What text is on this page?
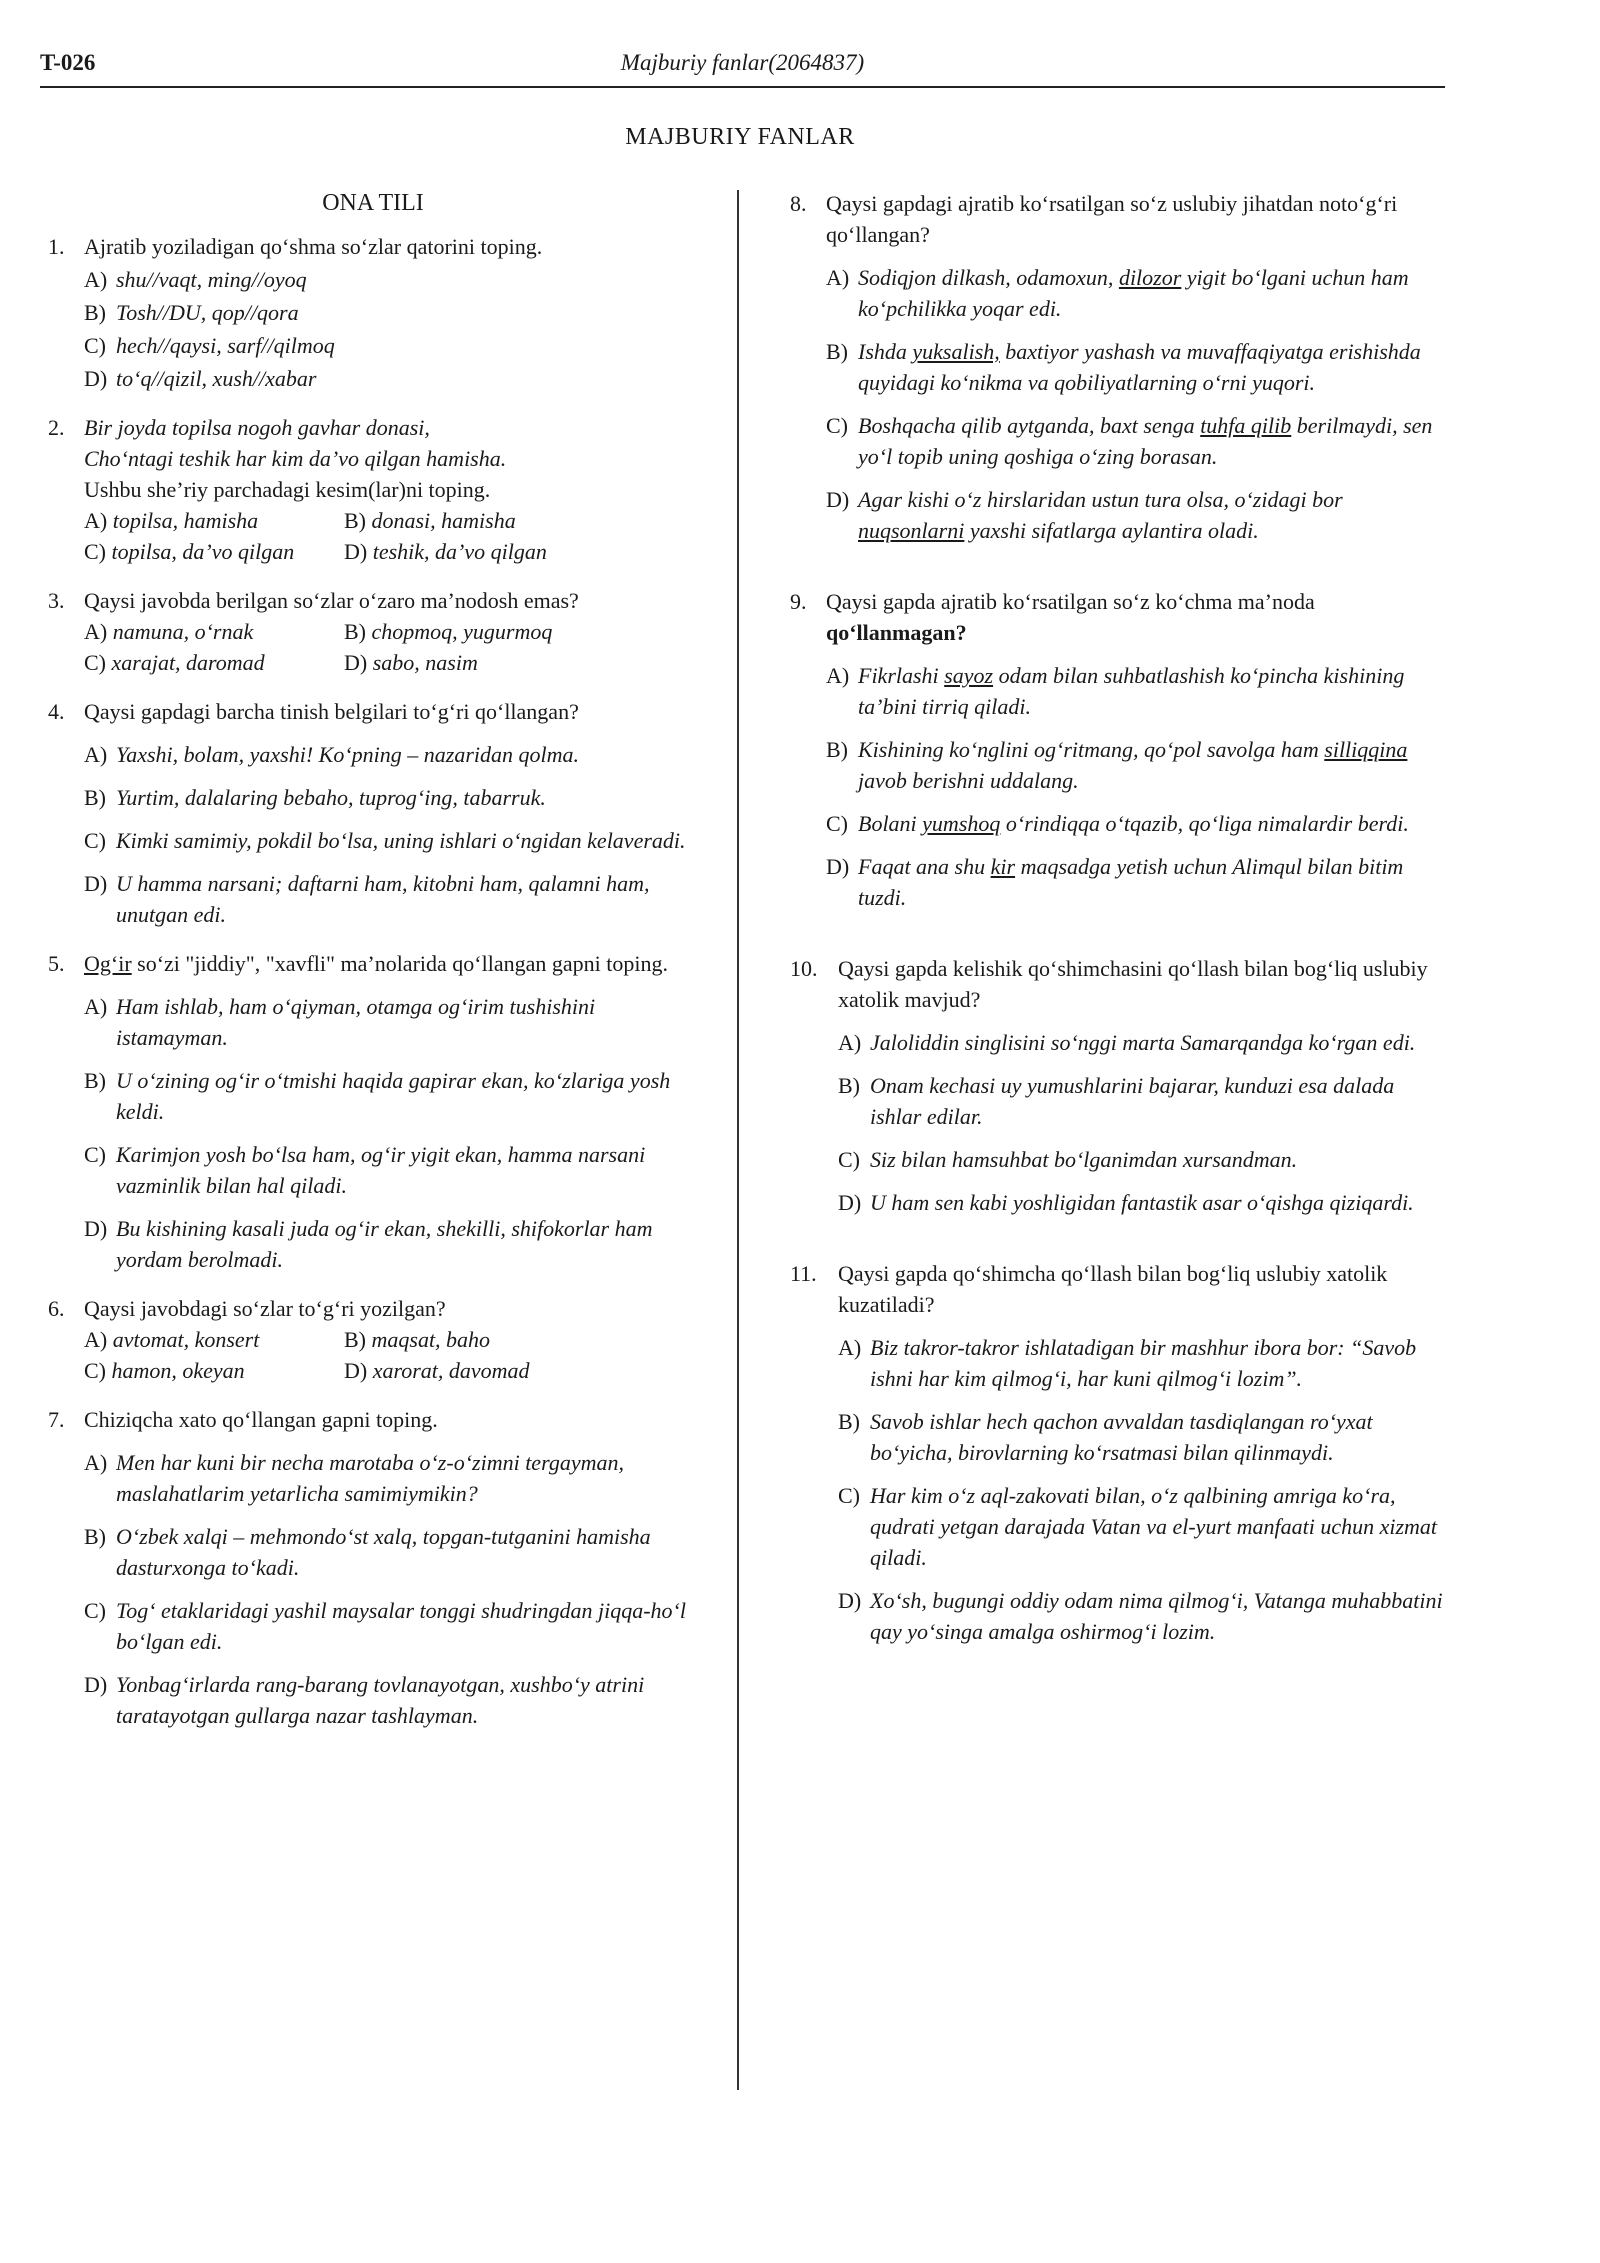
Majburiy fanlar(2064837)
T-026
MAJBURIY FANLAR
ONA TILI
1. Ajratib yoziladigan qo‘shma so‘zlar qatorini toping.
A) shu//vaqt, ming//oyoq
B) Tosh//DU, qop//qora
C) hech//qaysi, sarf//qilmoq
D) to‘q//qizil, xush//xabar
2. Bir joyda topilsa nogoh gavhar donasi,
Cho‘ntagi teshik har kim da’vo qilgan hamisha.
Ushbu she’riy parchadagi kesim(lar)ni toping.
A) topilsa, hamisha	B) donasi, hamisha
C) topilsa, da’vo qilgan	D) teshik, da’vo qilgan
3. Qaysi javobda berilgan so‘zlar o‘zaro ma’nodosh emas?
A) namuna, o‘rnak	B) chopmoq, yugurmoq
C) xarajat, daromad	D) sabo, nasim
4. Qaysi gapdagi barcha tinish belgilari to‘g‘ri qo‘llangan?
A) Yaxshi, bolam, yaxshi! Ko‘pning – nazaridan qolma.
B) Yurtim, dalalaring bebaho, tuprog‘ing, tabarruk.
C) Kimki samimiy, pokdil bo‘lsa, uning ishlari o‘ngidan kelaveradi.
D) U hamma narsani; daftarni ham, kitobni ham, qalamni ham, unutgan edi.
5. Og‘ir so‘zi "jiddiy", "xavfli" ma’nolarida qo‘llangan gapni toping.
A) Ham ishlab, ham o‘qiyman, otamga og‘irim tushishini istamayman.
B) U o‘zining og‘ir o‘tmishi haqida gapirar ekan, ko‘zlariga yosh keldi.
C) Karimjon yosh bo‘lsa ham, og‘ir yigit ekan, hamma narsani vazminlik bilan hal qiladi.
D) Bu kishining kasali juda og‘ir ekan, shekilli, shifokorlar ham yordam berolmadi.
6. Qaysi javobdagi so‘zlar to‘g‘ri yozilgan?
A) avtomat, konsert	B) maqsat, baho
C) hamon, okeyan	D) xarorat, davomad
7. Chiziqcha xato qo‘llangan gapni toping.
A) Men har kuni bir necha marotaba o‘z-o‘zimni tergayman, maslahatlarim yetarlicha samimiymikin?
B) O‘zbek xalqi – mehmondo‘st xalq, topgan-tutganini hamisha dasturxonga to‘kadi.
C) Tog‘ etaklaridagi yashil maysalar tonggi shudringdan jiqqa-ho‘l bo‘lgan edi.
D) Yonbag‘irlarda rang-barang tovlanayotgan, xushbo‘y atrini taratayotgan gullarga nazar tashlayman.
8. Qaysi gapdagi ajratib ko‘rsatilgan so‘z uslubiy jihatdan noto‘g‘ri qo‘llangan?
A) Sodiqjon dilkash, odamoxun, dilozor yigit bo‘lgani uchun ham ko‘pchilikka yoqar edi.
B) Ishda yuksalish, baxtiyor yashash va muvaffaqiyatga erishishda quyidagi ko‘nikma va qobiliyatlarning o‘rni yuqori.
C) Boshqacha qilib aytganda, baxt senga tuhfa qilib berilmaydi, sen yo‘l topib uning qoshiga o‘zing borasan.
D) Agar kishi o‘z hirslaridan ustun tura olsa, o‘zidagi bor nuqsonlarni yaxshi sifatlarga aylantira oladi.
9. Qaysi gapda ajratib ko‘rsatilgan so‘z ko‘chma ma’noda qo‘llanmagan?
A) Fikrlashi sayoz odam bilan suhbatlashish ko‘pincha kishining ta’bini tirriq qiladi.
B) Kishining ko‘nglini og‘ritmang, qo‘pol savolga ham silliqqina javob berishni uddalang.
C) Bolani yumshoq o‘rindiqqa o‘tqazib, qo‘liga nimalardir berdi.
D) Faqat ana shu kir maqsadga yetish uchun Alimqul bilan bitim tuzdi.
10. Qaysi gapda kelishik qo‘shimchasini qo‘llash bilan bog‘liq uslubiy xatolik mavjud?
A) Jaloliddin singlisini so‘nggi marta Samarqandga ko‘rgan edi.
B) Onam kechasi uy yumushlarini bajarar, kunduzi esa dalada ishlar edilar.
C) Siz bilan hamsuhbat bo‘lganimdan xursandman.
D) U ham sen kabi yoshligidan fantastik asar o‘qishga qiziqardi.
11. Qaysi gapda qo‘shimcha qo‘llash bilan bog‘liq uslubiy xatolik kuzatiladi?
A) Biz takror-takror ishlatadigan bir mashhur ibora bor: “Savob ishni har kim qilmog‘i, har kuni qilmog‘i lozim”.
B) Savob ishlar hech qachon avvaldan tasdiqlangan ro‘yxat bo‘yicha, birovlarning ko‘rsatmasi bilan qilinmaydi.
C) Har kim o‘z aql-zakovati bilan, o‘z qalbining amriga ko‘ra, qudrati yetgan darajada Vatan va el-yurt manfaati uchun xizmat qiladi.
D) Xo‘sh, bugungi oddiy odam nima qilmog‘i, Vatanga muhabbatini qay yo‘singa amalga oshirmog‘i lozim.
